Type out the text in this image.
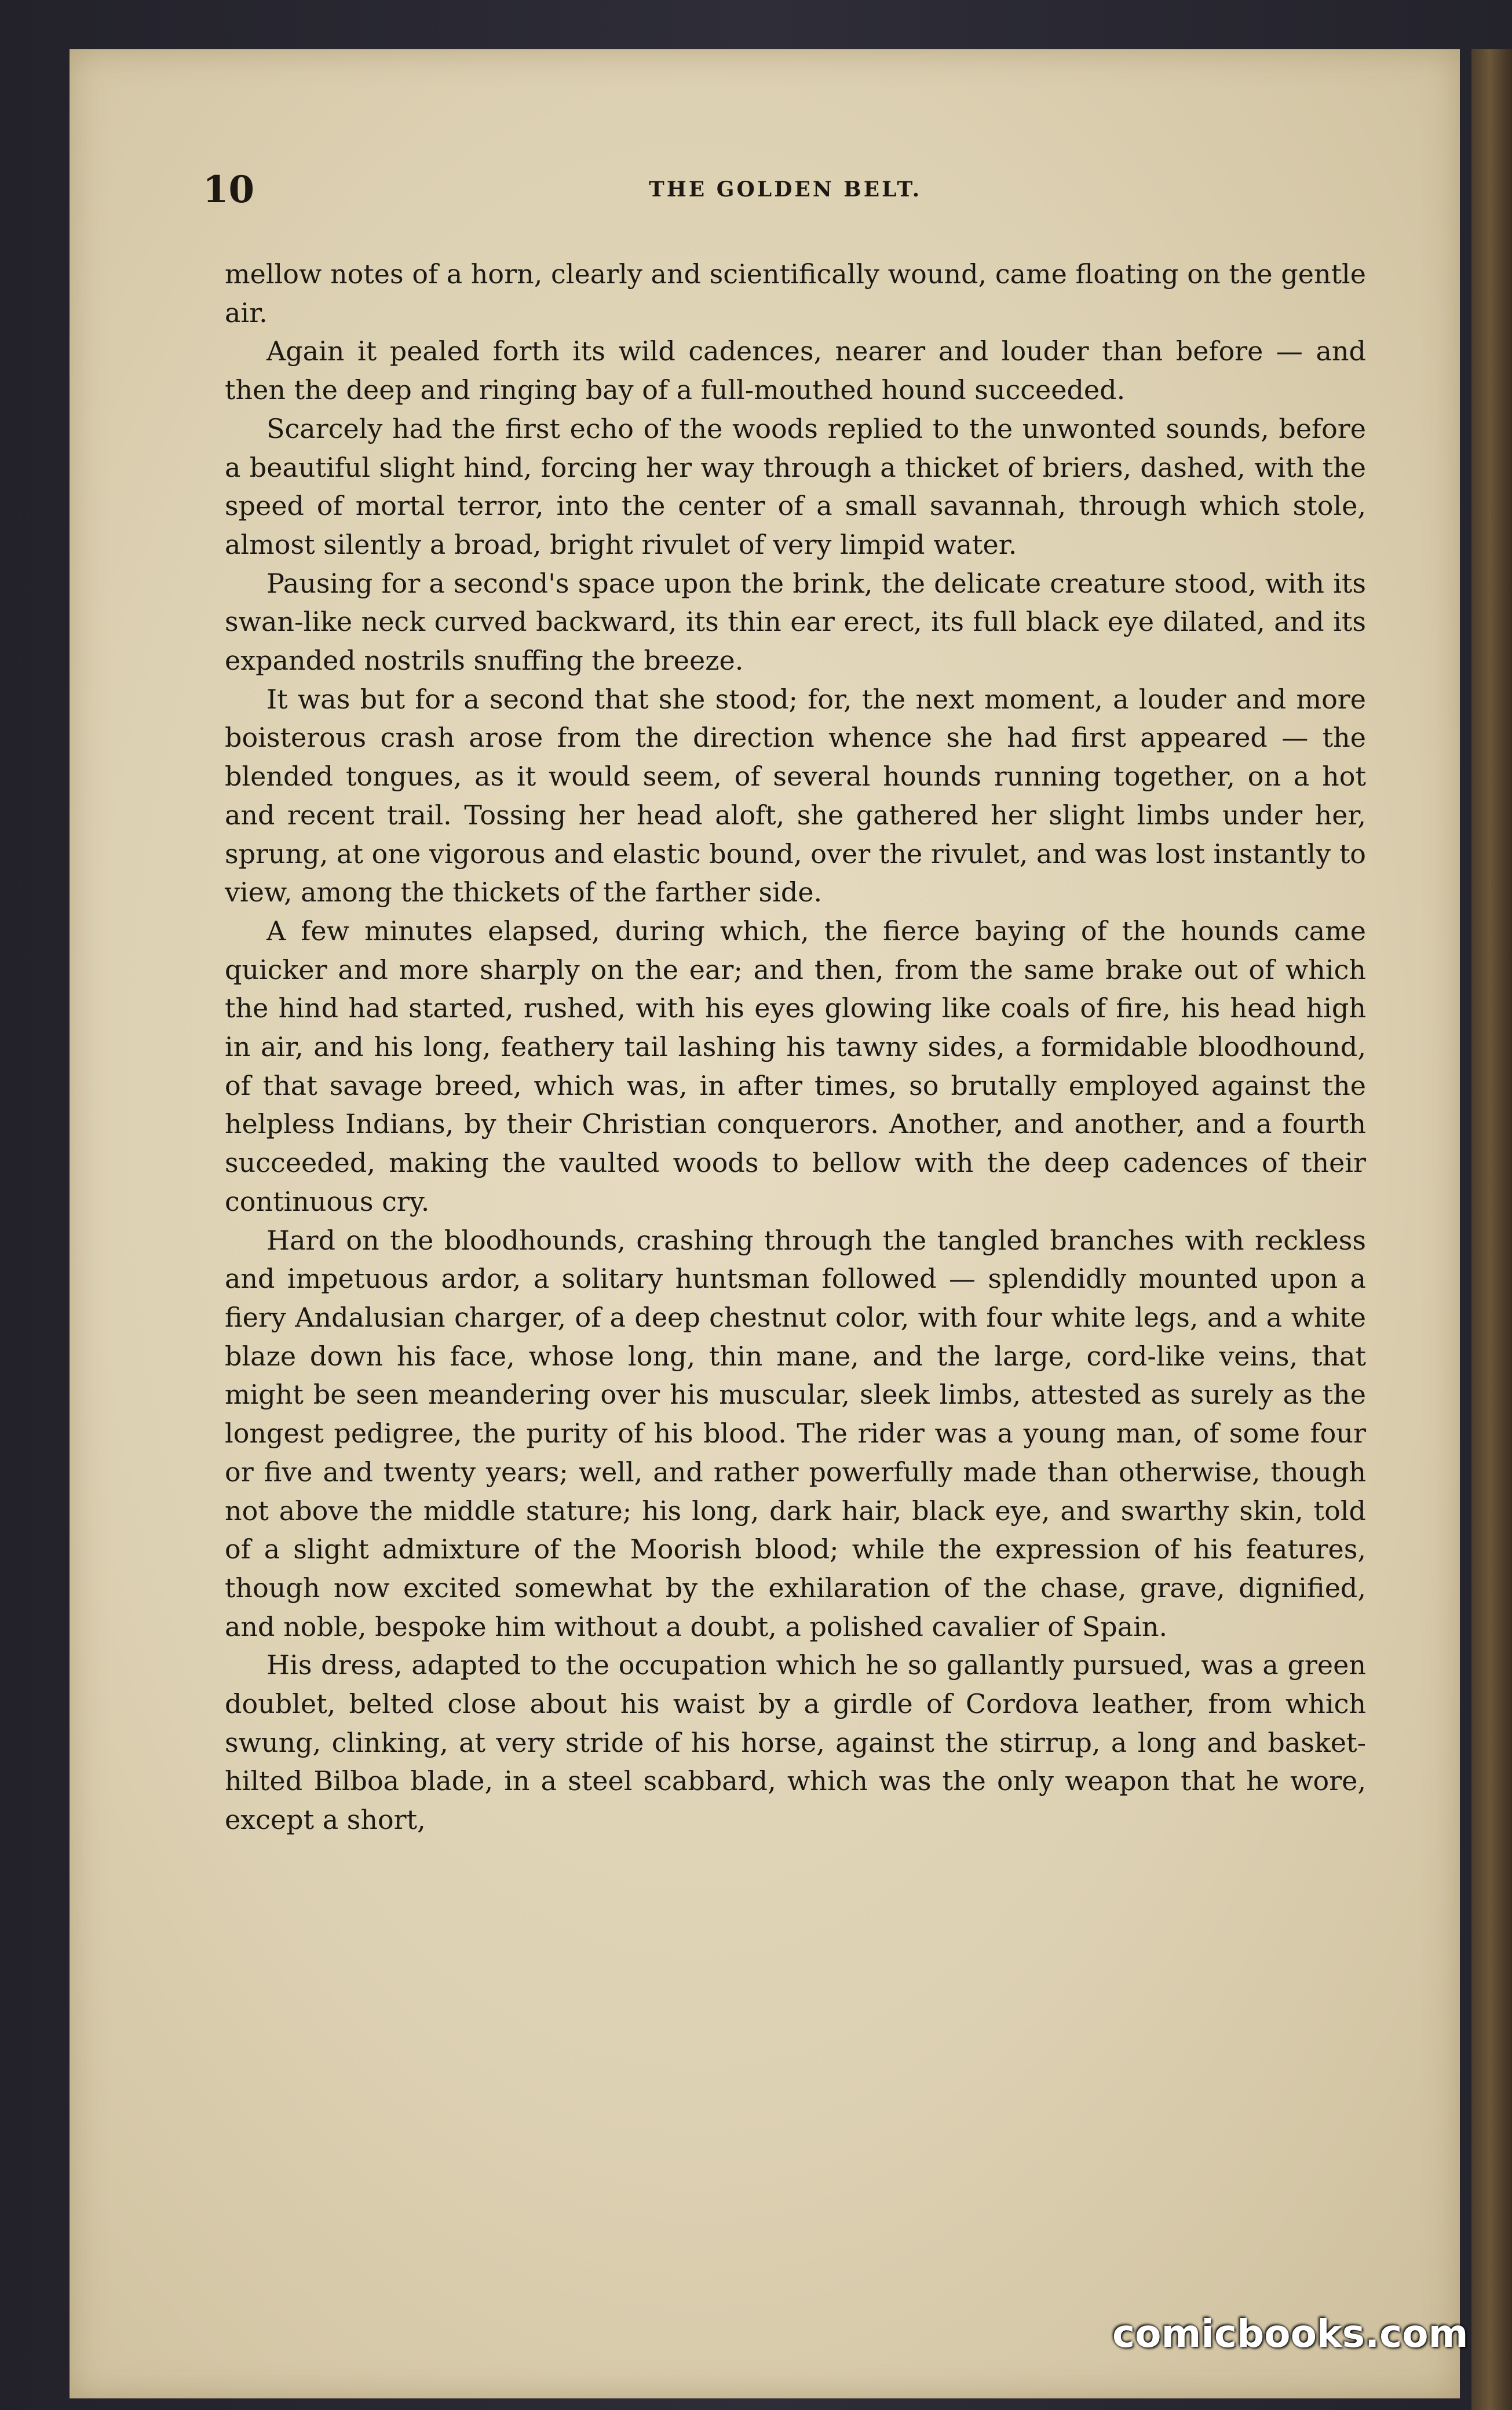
10	THE GOLDEN BELT.

mellow notes of a horn, clearly and scientifically wound, came floating on the gentle air.

Again it pealed forth its wild cadences, nearer and louder than before — and then the deep and ringing bay of a full-mouthed hound succeeded.

Scarcely had the first echo of the woods replied to the unwonted sounds, before a beautiful slight hind, forcing her way through a thicket of briers, dashed, with the speed of mortal terror, into the center of a small savannah, through which stole, almost silently a broad, bright rivulet of very limpid water.

Pausing for a second's space upon the brink, the delicate creature stood, with its swan-like neck curved backward, its thin ear erect, its full black eye dilated, and its expanded nostrils snuffing the breeze.

It was but for a second that she stood; for, the next moment, a louder and more boisterous crash arose from the direction whence she had first appeared — the blended tongues, as it would seem, of several hounds running together, on a hot and recent trail. Tossing her head aloft, she gathered her slight limbs under her, sprung, at one vigorous and elastic bound, over the rivulet, and was lost instantly to view, among the thickets of the farther side.

A few minutes elapsed, during which, the fierce baying of the hounds came quicker and more sharply on the ear; and then, from the same brake out of which the hind had started, rushed, with his eyes glowing like coals of fire, his head high in air, and his long, feathery tail lashing his tawny sides, a formidable bloodhound, of that savage breed, which was, in after times, so brutally employed against the helpless Indians, by their Christian conquerors. Another, and another, and a fourth succeeded, making the vaulted woods to bellow with the deep cadences of their continuous cry.

Hard on the bloodhounds, crashing through the tangled branches with reckless and impetuous ardor, a solitary huntsman followed — splendidly mounted upon a fiery Andalusian charger, of a deep chestnut color, with four white legs, and a white blaze down his face, whose long, thin mane, and the large, cord-like veins, that might be seen meandering over his muscular, sleek limbs, attested as surely as the longest pedigree, the purity of his blood. The rider was a young man, of some four or five and twenty years; well, and rather powerfully made than otherwise, though not above the middle stature; his long, dark hair, black eye, and swarthy skin, told of a slight admixture of the Moorish blood; while the expression of his features, though now excited somewhat by the exhilaration of the chase, grave, dignified, and noble, bespoke him without a doubt, a polished cavalier of Spain.

His dress, adapted to the occupation which he so gallantly pursued, was a green doublet, belted close about his waist by a girdle of Cordova leather, from which swung, clinking, at very stride of his horse, against the stirrup, a long and basket-hilted Bilboa blade, in a steel scabbard, which was the only weapon that he wore, except a short,

comicbooks.com
